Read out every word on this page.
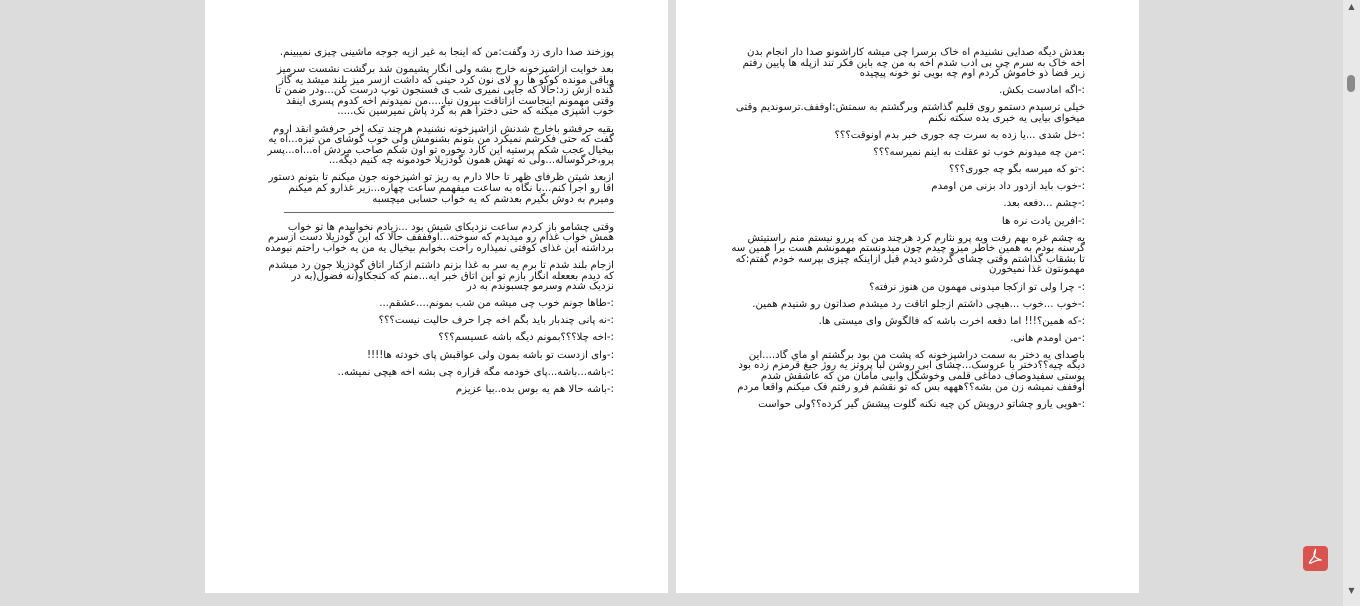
پوزخند صدا داری زد وگفت:من که اینجا به غیر ازیه جوجه ماشینی چیزی نمیبینم.

بعد خوایت ازاشپزخونه خارج بشه ولی انگار پشیمون شد برگشت نشست سرمیز وباقی مونده کوکو ها رو لای نون کرد حینی که داشت ازسر میز بلند میشد یه گاز گنده ازش زد:حالا که جایی نمیری شب ی فسنجون توپ درست کن...ودر ضمن تا وقتی مهمونم اینجاست ازاتاقت بیرون نیا.....من نمیدونم اخه کدوم پسری اینقد خوب اشپزی میکنه که حتی دخترا هم به گرد پاش نمیرسین نک.....

بقیه حرفشو باخارج شدنش ازاشپزخونه نشنیدم هرچند تیکه اخر حرفشو انقد اروم گفت که حتی فکرشم نمیکرد من بتونم بشنومش ولی خوب گوشای من تیزه...اه یه بیخیال عجب شکم پرستیه این کارد بخوره تو اون شکم صاحب مردش اه...اه...پسر پرو،خرگوساله...ولی ته تهش همون گودزیلا خودمونه چه کنیم دیگه...

ازبعد شیتن ظرفای ظهر تا حالا دارم یه ریز تو اشپزخونه جون میکنم تا بتونم دستور اقا رو اجرا کنم...با نگاه به ساعت میفهمم ساعت چهاره...زیر غذارو کم میکنم ومیرم به دوش بگیرم بعدشم که یه خواب حسابی میچسبه

وقتی چشامو باز کردم ساعت نزدیکای شیش بود ...زیادم نخوابیدم ها تو خواب همش خواب غذام رو میدیدم که سوخته...اوفففف حالا که این گودزیلا دست ازسرم برداشته این غذای کوفتی نمیذاره راحت بخوابم بیخیال یه من یه خواب راحتم نیومده

ازجام بلند شدم تا برم یه سر به غذا بزنم داشتم ازکنار اتاق گودزیلا جون رد میشدم که دیدم بعععله انگار بازم تو این اتاق خبر ایه...منم که کنجکاو(نه فضول(به در نزدیک شدم وسرمو چسبوندم به در

:-طاها جونم خوب چی میشه من شب بمونم....عشقم...

:-نه پانی چندبار باید بگم اخه چرا حرف حالیت نیست؟؟؟

:-اخه چلا؟؟؟بمونم دیگه باشه عسیسم؟؟؟

:-وای ازدست تو باشه بمون ولی عواقبش پای خودته ها!!!!

:-باشه...باشه...پای خودمه مگه قراره چی بشه اخه هیچی نمیشه..

:-باشه حالا هم یه بوس بده..بیا عزیزم

بعدش دیگه صدایی نشنیدم اه خاک برسرا چی میشه کاراشونو صدا دار انجام بدن اخه خاک به سرم چی بی ادب شدم اخه به من چه باین فکر تند ازپله ها پایین رفتم زیر قضا ذو خاموش کردم اوم چه بویی تو خونه پیچیده

:-اگه امادست بکش.

خیلی ترسیدم دستمو روی قلبم گذاشتم وبرگشتم به سمتش:اوففف.ترسوندیم وقتی میخوای بیایی یه خبری بده سکته نکنم

:-خل شدی ...یا زده به سرت چه جوری خبر بدم اونوقت؟؟؟

:-من چه میدونم خوب تو عقلت به اینم نمیرسه؟؟؟

:-تو که میرسه بگو چه جوری؟؟؟

:-خوب باید ازدور داد بزنی من اومدم

:-چشم ...دفعه بعد.

:-افرین یادت نره ها

یه چشم غره بهم رفت ویه پرو نثارم کرد هرچند من که پررو نیستم منم راستیتش گرسنه بودم به همین خاطر میزو چیدم چون میدونستم مهمونشم هست برا همین سه تا بشقاب گذاشتم وقتی چشای گردشو دیدم قبل ازاینکه چیزی بپرسه خودم گفتم:که مهمونتون غذا نمیخورن

:- چرا ولی تو ازکجا میدونی مهمون من هنوز نرفته؟

:-خوب ...خوب ...هیچی داشتم ازجلو اتاقت رد میشدم صداتون رو شنیدم همین.

:-که همین؟!!! اما دفعه اخرت باشه که فالگوش وای میستی ها.

:-من اومدم هانی.

باصدای یه دختر به سمت دراشپزخونه که پشت من بود برگشتم او ماي گاد....این دیگه چیه؟؟دختر یا عروسک...چشای ابی روشن لبا پروتز یه روژ جیغ قرمزم زده بود پوستی سفیدوصاف دماغی قلمی وخوشگل وابیی مامان من که عاشقش شدم اوففف نمیشه زن من بشه؟؟هههه بس که تو نقشم فرو رفتم فک میکنم واقعا مردم

:-هویی یارو چشاتو درویش کن چیه نکنه گلوت پیشش گیر کرده؟؟ولی حواست

▲
▼
